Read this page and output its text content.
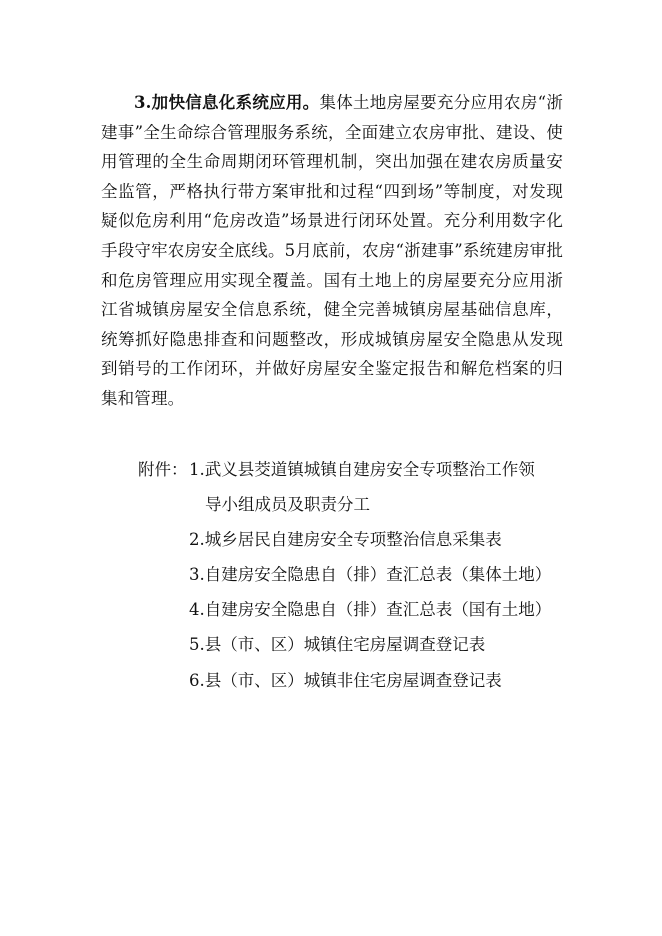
3.加快信息化系统应用。集体土地房屋要充分应用农房“浙建事”全生命综合管理服务系统，全面建立农房审批、建设、使用管理的全生命周期闭环管理机制，突出加强在建农房质量安全监管，严格执行带方案审批和过程“四到场”等制度，对发现疑似危房利用“危房改造”场景进行闭环处置。充分利用数字化手段守牢农房安全底线。5月底前，农房“浙建事”系统建房审批和危房管理应用实现全覆盖。国有土地上的房屋要充分应用浙江省城镇房屋安全信息系统，健全完善城镇房屋基础信息库，统筹抓好隐患排查和问题整改，形成城镇房屋安全隐患从发现到销号的工作闭环，并做好房屋安全鉴定报告和解危档案的归集和管理。

附件： 1.武义县茭道镇城镇自建房安全专项整治工作领
导小组成员及职责分工
2.城乡居民自建房安全专项整治信息采集表
3.自建房安全隐患自（排）查汇总表（集体土地）
4.自建房安全隐患自（排）查汇总表（国有土地）
5.县（市、区）城镇住宅房屋调查登记表
6.县（市、区）城镇非住宅房屋调查登记表
